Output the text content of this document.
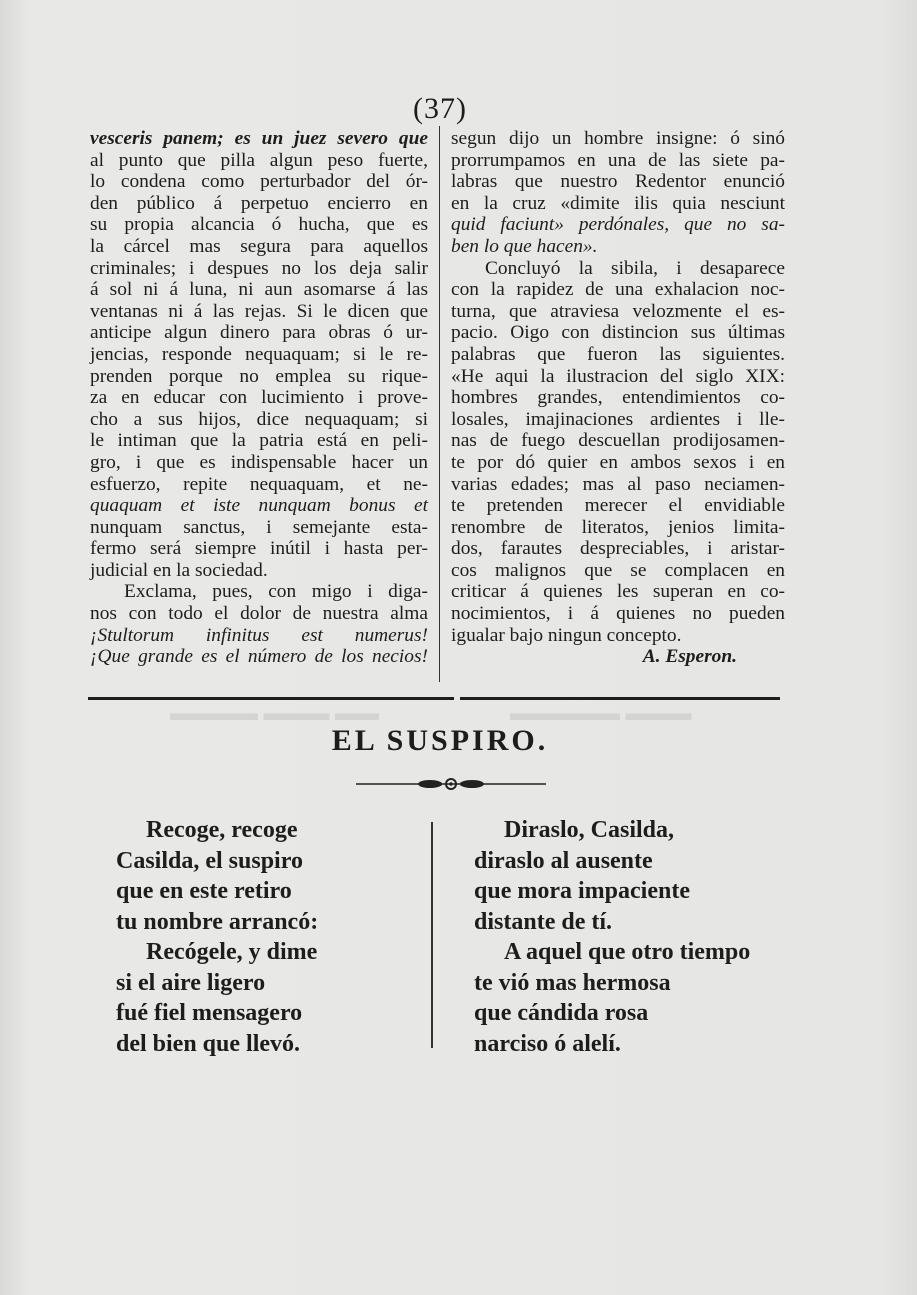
(37)
▬▬ ▬▬▬ ▬▬▬▬	▬▬▬ ▬▬▬▬▬
vesceris panem; es un juez severo que
al punto que pilla algun peso fuerte,
lo condena como perturbador del ór-
den público á perpetuo encierro en
su propia alcancia ó hucha, que es
la cárcel mas segura para aquellos
criminales; i despues no los deja salir
á sol ni á luna, ni aun asomarse á las
ventanas ni á las rejas. Si le dicen que
anticipe algun dinero para obras ó ur-
jencias, responde nequaquam; si le re-
prenden porque no emplea su rique-
za en educar con lucimiento i prove-
cho a sus hijos, dice nequaquam; si
le intiman que la patria está en peli-
gro, i que es indispensable hacer un
esfuerzo, repite nequaquam, et ne-
quaquam et iste nunquam bonus et
nunquam sanctus, i semejante esta-
fermo será siempre inútil i hasta per-
judicial en la sociedad.
Exclama, pues, con migo i diga-
nos con todo el dolor de nuestra alma
¡Stultorum infinitus est numerus!
¡Que grande es el número de los necios!
segun dijo un hombre insigne: ó sinó
prorrumpamos en una de las siete pa-
labras que nuestro Redentor enunció
en la cruz «dimite ilis quia nesciunt
quid faciunt» perdónales, que no sa-
ben lo que hacen».
Concluyó la sibila, i desaparece
con la rapidez de una exhalacion noc-
turna, que atraviesa velozmente el es-
pacio. Oigo con distincion sus últimas
palabras que fueron las siguientes.
«He aqui la ilustracion del siglo XIX:
hombres grandes, entendimientos co-
losales, imajinaciones ardientes i lle-
nas de fuego descuellan prodijosamen-
te por dó quier en ambos sexos i en
varias edades; mas al paso neciamen-
te pretenden merecer el envidiable
renombre de literatos, jenios limita-
dos, farautes despreciables, i aristar-
cos malignos que se complacen en
criticar á quienes les superan en co-
nocimientos, i á quienes no pueden
igualar bajo ningun concepto.
A. Esperon.
EL SUSPIRO.
Recoge, recoge
Casilda, el suspiro
que en este retiro
tu nombre arrancó:
Recógele, y dime
si el aire ligero
fué fiel mensagero
del bien que llevó.
Diraslo, Casilda,
diraslo al ausente
que mora impaciente
distante de tí.
A aquel que otro tiempo
te vió mas hermosa
que cándida rosa
narciso ó alelí.
